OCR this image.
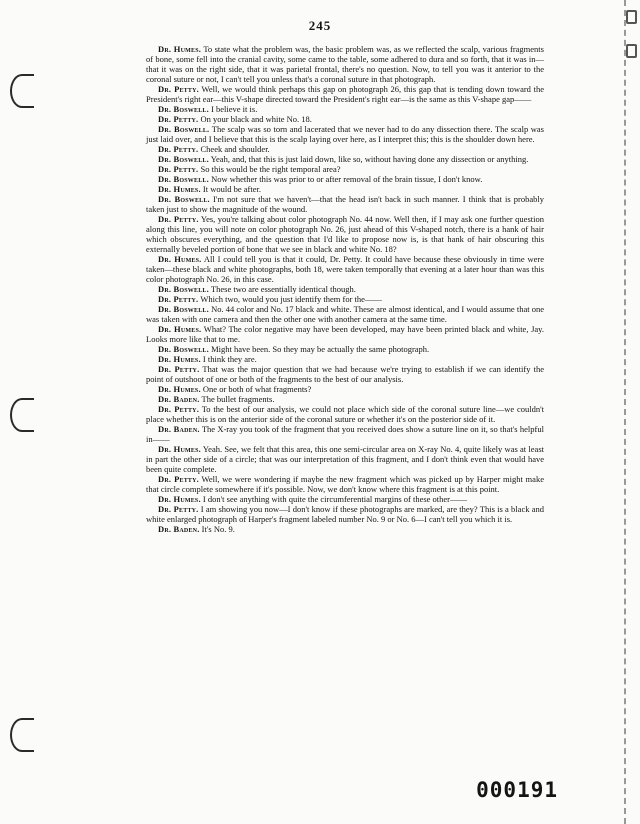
245

Dr. Humes. To state what the problem was, the basic problem was, as we reflected the scalp, various fragments of bone, some fell into the cranial cavity, some came to the table, some adhered to dura and so forth, that it was in—that it was on the right side, that it was parietal frontal, there's no question. Now, to tell you was it anterior to the coronal suture or not, I can't tell you unless that's a coronal suture in that photograph.

Dr. Petty. Well, we would think perhaps this gap on photograph 26, this gap that is tending down toward the President's right ear—this V-shape directed toward the President's right ear—is the same as this V-shape gap——

Dr. Boswell. I believe it is.

Dr. Petty. On your black and white No. 18.

Dr. Boswell. The scalp was so torn and lacerated that we never had to do any dissection there. The scalp was just laid over, and I believe that this is the scalp laying over here, as I interpret this; this is the shoulder down here.

Dr. Petty. Cheek and shoulder.

Dr. Boswell. Yeah, and, that this is just laid down, like so, without having done any dissection or anything.

Dr. Petty. So this would be the right temporal area?

Dr. Boswell. Now whether this was prior to or after removal of the brain tissue, I don't know.

Dr. Humes. It would be after.

Dr. Boswell. I'm not sure that we haven't—that the head isn't back in such manner. I think that is probably taken just to show the magnitude of the wound.

Dr. Petty. Yes, you're talking about color photograph No. 44 now. Well then, if I may ask one further question along this line, you will note on color photograph No. 26, just ahead of this V-shaped notch, there is a hank of hair which obscures everything, and the question that I'd like to propose now is, is that hank of hair obscuring this externally beveled portion of bone that we see in black and white No. 18?

Dr. Humes. All I could tell you is that it could, Dr. Petty. It could have because these obviously in time were taken—these black and white photographs, both 18, were taken temporally that evening at a later hour than was this color photograph No. 26, in this case.

Dr. Boswell. These two are essentially identical though.

Dr. Petty. Which two, would you just identify them for the——

Dr. Boswell. No. 44 color and No. 17 black and white. These are almost identical, and I would assume that one was taken with one camera and then the other one with another camera at the same time.

Dr. Humes. What? The color negative may have been developed, may have been printed black and white, Jay. Looks more like that to me.

Dr. Boswell. Might have been. So they may be actually the same photograph.

Dr. Humes. I think they are.

Dr. Petty. That was the major question that we had because we're trying to establish if we can identify the point of outshoot of one or both of the fragments to the best of our analysis.

Dr. Humes. One or both of what fragments?

Dr. Baden. The bullet fragments.

Dr. Petty. To the best of our analysis, we could not place which side of the coronal suture line—we couldn't place whether this is on the anterior side of the coronal suture or whether it's on the posterior side of it.

Dr. Baden. The X-ray you took of the fragment that you received does show a suture line on it, so that's helpful in——

Dr. Humes. Yeah. See, we felt that this area, this one semi-circular area on X-ray No. 4, quite likely was at least in part the other side of a circle; that was our interpretation of this fragment, and I don't think even that would have been quite complete.

Dr. Petty. Well, we were wondering if maybe the new fragment which was picked up by Harper might make that circle complete somewhere if it's possible. Now, we don't know where this fragment is at this point.

Dr. Humes. I don't see anything with quite the circumferential margins of these other——

Dr. Petty. I am showing you now—I don't know if these photographs are marked, are they? This is a black and white enlarged photograph of Harper's fragment labeled number No. 9 or No. 6—I can't tell you which it is.

Dr. Baden. It's No. 9.

000191
